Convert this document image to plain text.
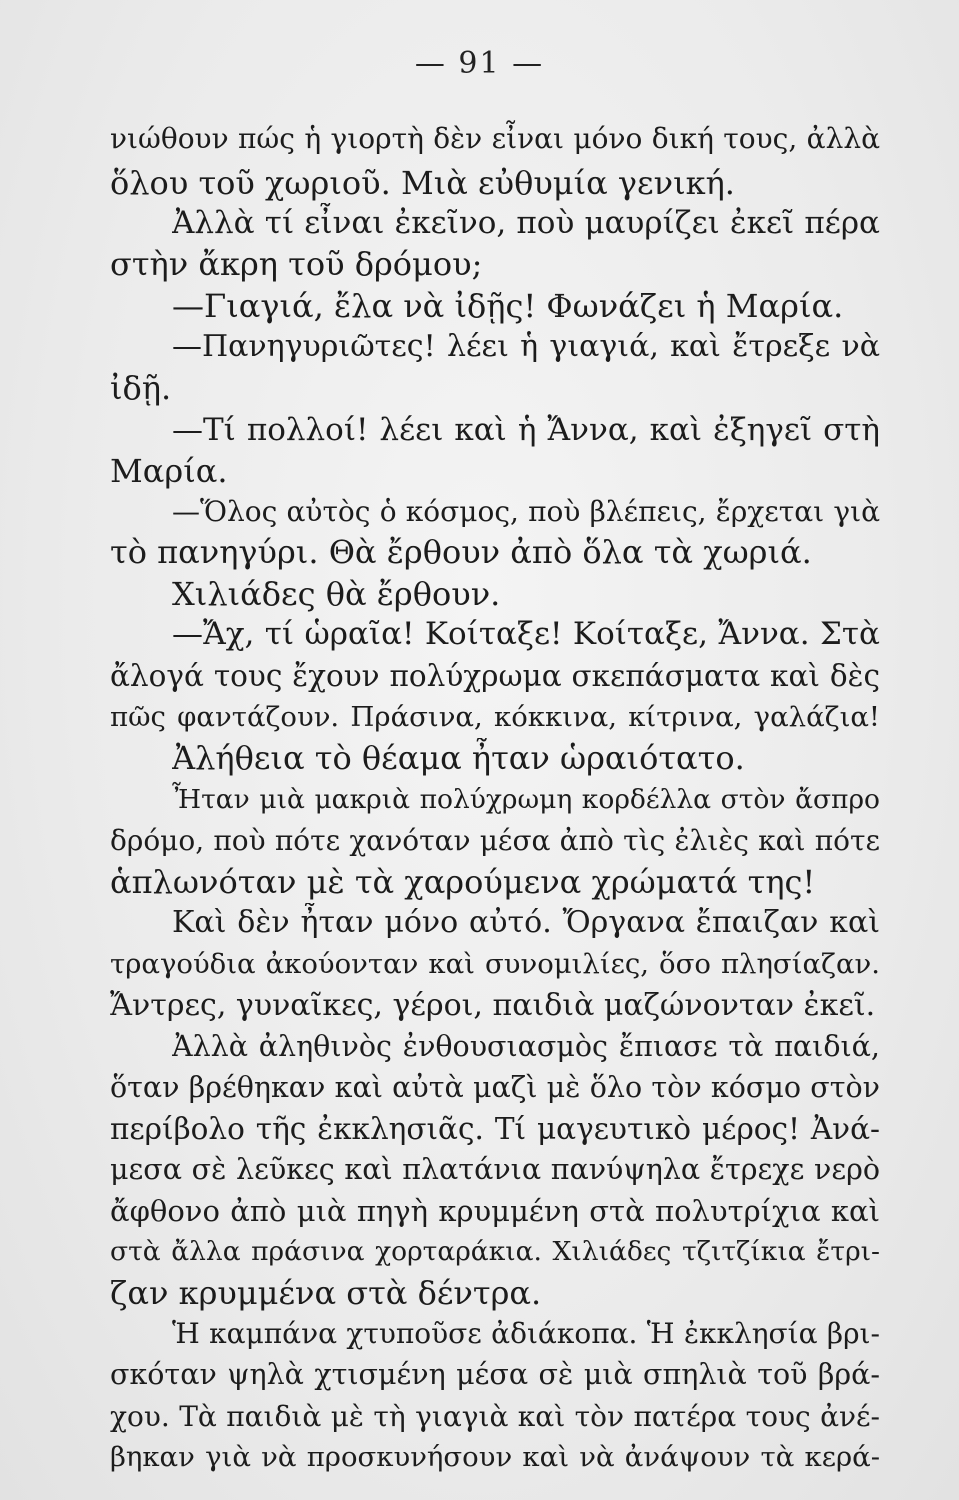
— 91 —
νιώθουν πώς ἡ γιορτὴ δὲν εἶναι μόνο δική τους, ἀλλὰ
ὅλου τοῦ χωριοῦ. Μιὰ εὐθυμία γενική.
Ἀλλὰ τί εἶναι ἐκεῖνο, ποὺ μαυρίζει ἐκεῖ πέρα
στὴν ἄκρη τοῦ δρόμου;
—Γιαγιά, ἔλα νὰ ἰδῇς! Φωνάζει ἡ Μαρία.
—Πανηγυριῶτες! λέει ἡ γιαγιά, καὶ ἔτρεξε νὰ
ἰδῇ.
—Τί πολλοί! λέει καὶ ἡ Ἄννα, καὶ ἐξηγεῖ στὴ
Μαρία.
—Ὅλος αὐτὸς ὁ κόσμος, ποὺ βλέπεις, ἔρχεται γιὰ
τὸ πανηγύρι. Θὰ ἔρθουν ἀπὸ ὅλα τὰ χωριά.
Χιλιάδες θὰ ἔρθουν.
—Ἄχ, τί ὡραῖα! Κοίταξε! Κοίταξε, Ἄννα. Στὰ
ἄλογά τους ἔχουν πολύχρωμα σκεπάσματα καὶ δὲς
πῶς φαντάζουν. Πράσινα, κόκκινα, κίτρινα, γαλάζια!
Ἀλήθεια τὸ θέαμα ἦταν ὡραιότατο.
Ἦταν μιὰ μακριὰ πολύχρωμη κορδέλλα στὸν ἄσπρο
δρόμο, ποὺ πότε χανόταν μέσα ἀπὸ τὶς ἐλιὲς καὶ πότε
ἁπλωνόταν μὲ τὰ χαρούμενα χρώματά της!
Καὶ δὲν ἦταν μόνο αὐτό. Ὄργανα ἔπαιζαν καὶ
τραγούδια ἀκούονταν καὶ συνομιλίες, ὅσο πλησίαζαν.
Ἄντρες, γυναῖκες, γέροι, παιδιὰ μαζώνονταν ἐκεῖ.
Ἀλλὰ ἀληθινὸς ἐνθουσιασμὸς ἔπιασε τὰ παιδιά,
ὅταν βρέθηκαν καὶ αὐτὰ μαζὶ μὲ ὅλο τὸν κόσμο στὸν
περίβολο τῆς ἐκκλησιᾶς. Τί μαγευτικὸ μέρος! Ἀνά-
μεσα σὲ λεῦκες καὶ πλατάνια πανύψηλα ἔτρεχε νερὸ
ἄφθονο ἀπὸ μιὰ πηγὴ κρυμμένη στὰ πολυτρίχια καὶ
στὰ ἄλλα πράσινα χορταράκια. Χιλιάδες τζιτζίκια ἔτρι-
ζαν κρυμμένα στὰ δέντρα.
Ἡ καμπάνα χτυποῦσε ἀδιάκοπα. Ἡ ἐκκλησία βρι-
σκόταν ψηλὰ χτισμένη μέσα σὲ μιὰ σπηλιὰ τοῦ βρά-
χου. Τὰ παιδιὰ μὲ τὴ γιαγιὰ καὶ τὸν πατέρα τους ἀνέ-
βηκαν γιὰ νὰ προσκυνήσουν καὶ νὰ ἀνάψουν τὰ κερά-
